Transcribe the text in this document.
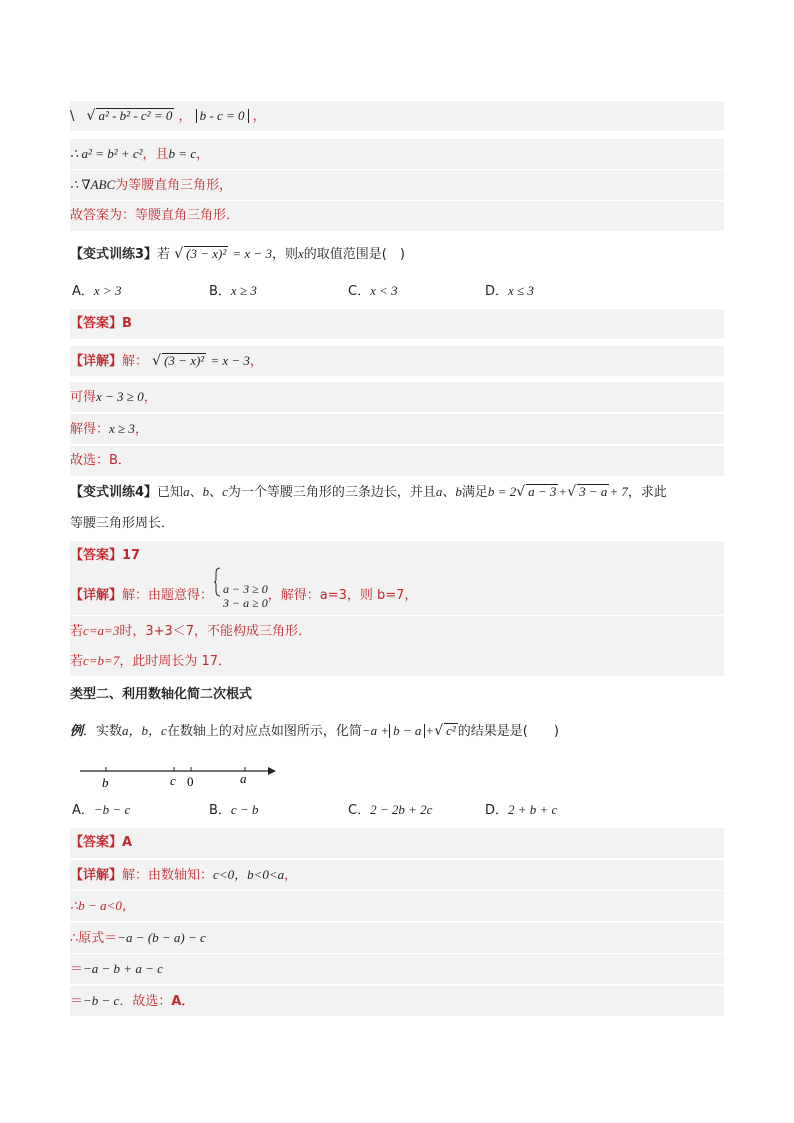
\ √ a² - b² - c² = 0 ， b - c = 0 ，
∴ a² = b² + c²，且b = c，
∴ ∇ABC为等腰直角三角形，
故答案为：等腰直角三角形．
【变式训练3】若 √ (3 − x)² = x − 3，则x的取值范围是(　)
A．x > 3	B．x ≥ 3	C．x < 3	D．x ≤ 3
【答案】B
【详解】解： √ (3 − x)² = x − 3，
可得x − 3 ≥ 0，
解得：x ≥ 3，
故选：B．
【变式训练4】已知a、b、c为一个等腰三角形的三条边长，并且a、b满足b = 2√ a − 3 +√ 3 − a + 7，求此
等腰三角形周长．
【答案】17
【详解】解：由题意得： a − 3 ≥ 0
3 − a ≥ 0，解得：a=3，则 b=7，
若c=a=3时，3+3＜7，不能构成三角形．
若c=b=7，此时周长为 17．
类型二、利用数轴化简二次根式
例．实数a，b，c在数轴上的对应点如图所示，化简−a + b − a +√ c² 的结果是是(　　)
b	c 0	a
A．−b − c	B．c − b	C．2 − 2b + 2c	D．2 + b + c
【答案】A
【详解】解：由数轴知：c<0，b<0<a，
∴b − a<0，
∴原式＝−a − (b − a) − c
＝−a − b + a − c
＝−b − c．故选：A．
